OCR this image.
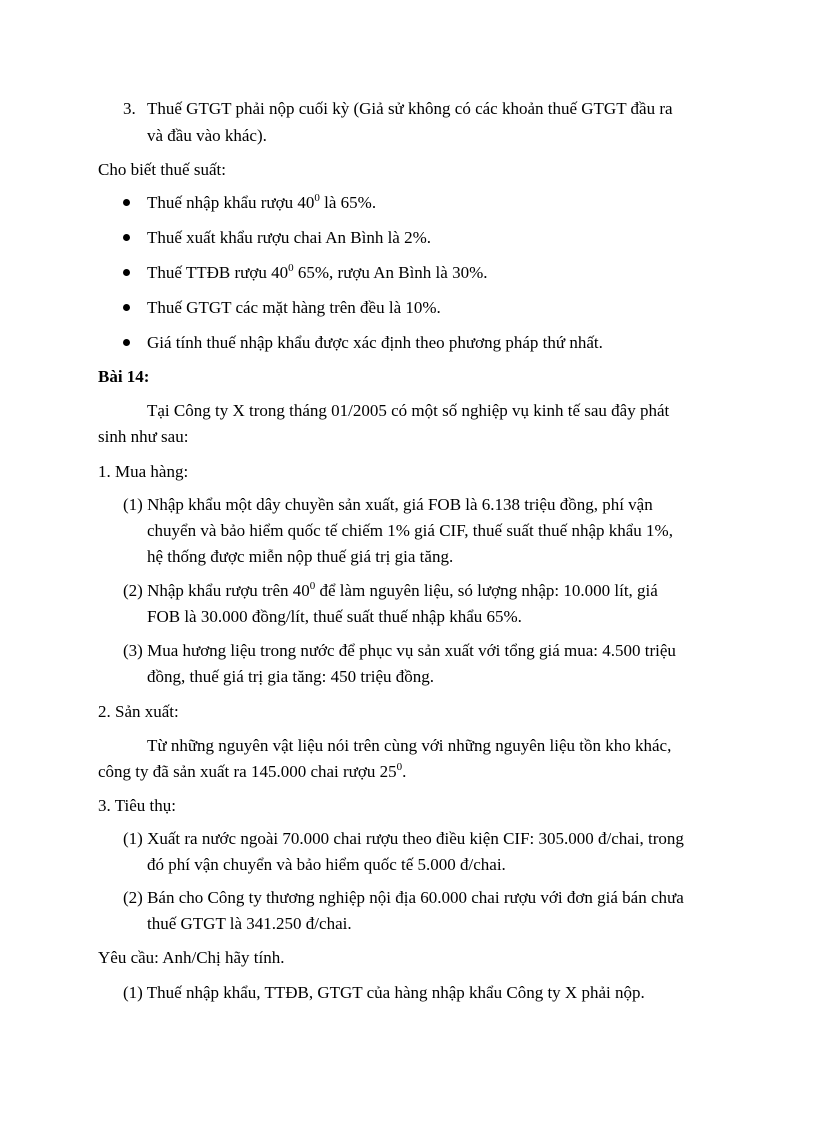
3. Thuế GTGT phải nộp cuối kỳ (Giả sử không có các khoản thuế GTGT đầu ra
và đầu vào khác).
Cho biết thuế suất:
Thuế nhập khẩu rượu $40^0$ là 65%.
Thuế xuất khẩu rượu chai An Bình là 2%.
Thuế TTĐB rượu $40^0$ 65%, rượu An Bình là 30%.
Thuế GTGT các mặt hàng trên đều là 10%.
Giá tính thuế nhập khẩu được xác định theo phương pháp thứ nhất.
Bài 14:
Tại Công ty X trong tháng 01/2005 có một số nghiệp vụ kinh tế sau đây phát
sinh như sau:
1. Mua hàng:
(1) Nhập khẩu một dây chuyền sản xuất, giá FOB là 6.138 triệu đồng, phí vận
chuyển và bảo hiểm quốc tế chiếm 1% giá CIF, thuế suất thuế nhập khẩu 1%,
hệ thống được miễn nộp thuế giá trị gia tăng.
(2) Nhập khẩu rượu trên $40^0$ để làm nguyên liệu, só lượng nhập: 10.000 lít, giá
FOB là 30.000 đồng/lít, thuế suất thuế nhập khẩu 65%.
(3) Mua hương liệu trong nước để phục vụ sản xuất với tổng giá mua: 4.500 triệu
đồng, thuế giá trị gia tăng: 450 triệu đồng.
2. Sản xuất:
Từ những nguyên vật liệu nói trên cùng với những nguyên liệu tồn kho khác,
công ty đã sản xuất ra 145.000 chai rượu $25^0$.
3. Tiêu thụ:
(1) Xuất ra nước ngoài 70.000 chai rượu theo điều kiện CIF: 305.000 đ/chai, trong
đó phí vận chuyển và bảo hiểm quốc tế 5.000 đ/chai.
(2) Bán cho Công ty thương nghiệp nội địa 60.000 chai rượu với đơn giá bán chưa
thuế GTGT là 341.250 đ/chai.
Yêu cầu: Anh/Chị hãy tính.
(1) Thuế nhập khẩu, TTĐB, GTGT của hàng nhập khẩu Công ty X phải nộp.
